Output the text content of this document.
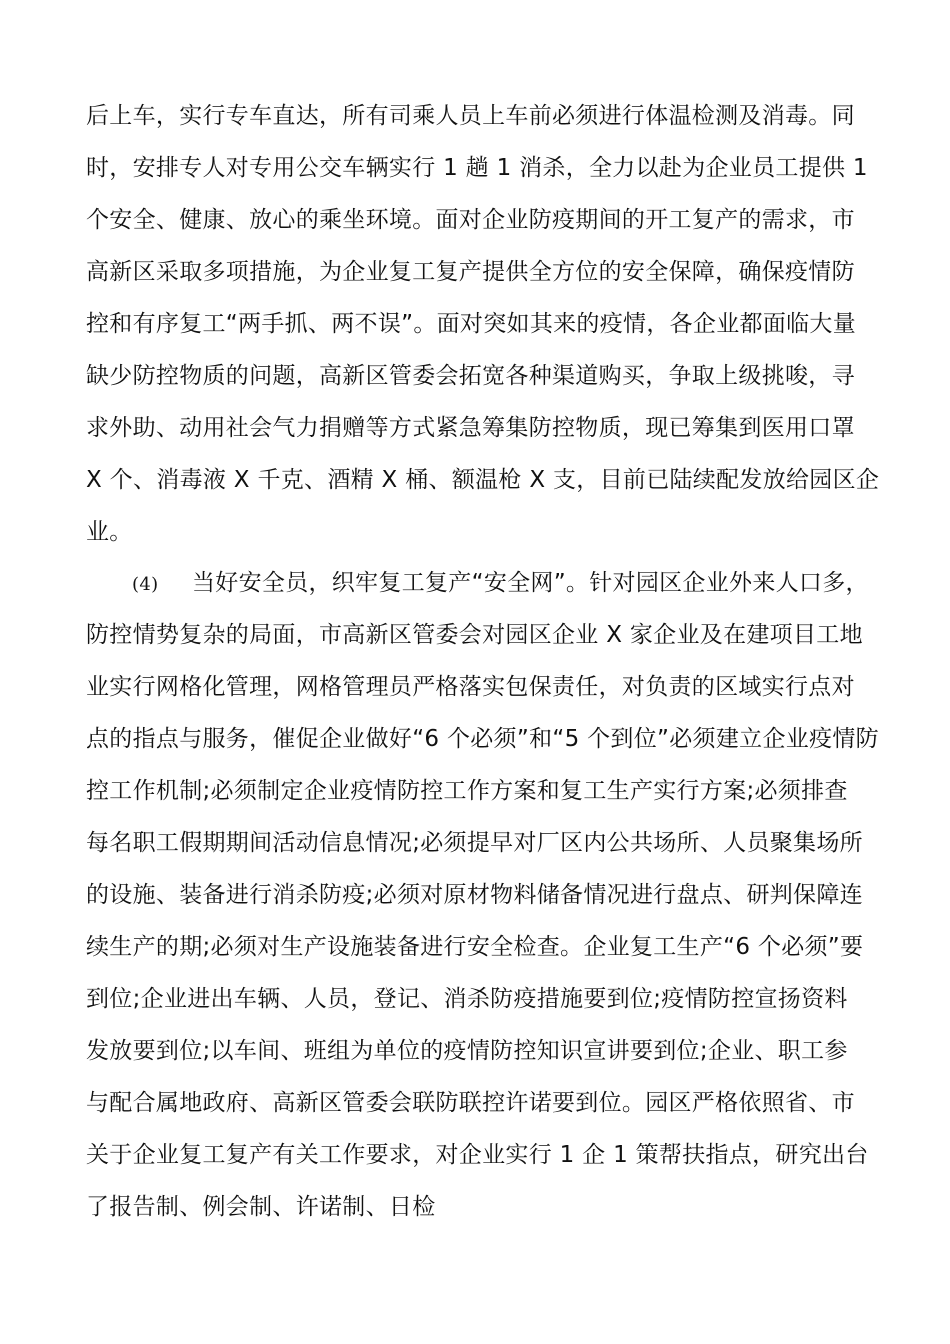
后上车，实行专车直达，所有司乘人员上车前必须进行体温检测及消毒。同
时，安排专人对专用公交车辆实行 1 趟 1 消杀，全力以赴为企业员工提供 1
个安全、健康、放心的乘坐环境。面对企业防疫期间的开工复产的需求，市
高新区采取多项措施，为企业复工复产提供全方位的安全保障，确保疫情防
控和有序复工“两手抓、两不误”。面对突如其来的疫情，各企业都面临大量
缺少防控物质的问题，高新区管委会拓宽各种渠道购买，争取上级挑唆，寻
求外助、动用社会气力捐赠等方式紧急筹集防控物质，现已筹集到医用口罩
X 个、消毒液 X 千克、酒精 X 桶、额温枪 X 支，目前已陆续配发放给园区企
业。
(4) 当好安全员，织牢复工复产“安全网”。针对园区企业外来人口多，
防控情势复杂的局面，市高新区管委会对园区企业 X 家企业及在建项目工地
业实行网格化管理，网格管理员严格落实包保责任，对负责的区域实行点对
点的指点与服务，催促企业做好“6 个必须”和“5 个到位”必须建立企业疫情防
控工作机制;必须制定企业疫情防控工作方案和复工生产实行方案;必须排查
每名职工假期期间活动信息情况;必须提早对厂区内公共场所、人员聚集场所
的设施、装备进行消杀防疫;必须对原材物料储备情况进行盘点、研判保障连
续生产的期;必须对生产设施装备进行安全检查。企业复工生产“6 个必须”要
到位;企业进出车辆、人员，登记、消杀防疫措施要到位;疫情防控宣扬资料
发放要到位;以车间、班组为单位的疫情防控知识宣讲要到位;企业、职工参
与配合属地政府、高新区管委会联防联控许诺要到位。园区严格依照省、市
关于企业复工复产有关工作要求，对企业实行 1 企 1 策帮扶指点，研究出台
了报告制、例会制、许诺制、日检
